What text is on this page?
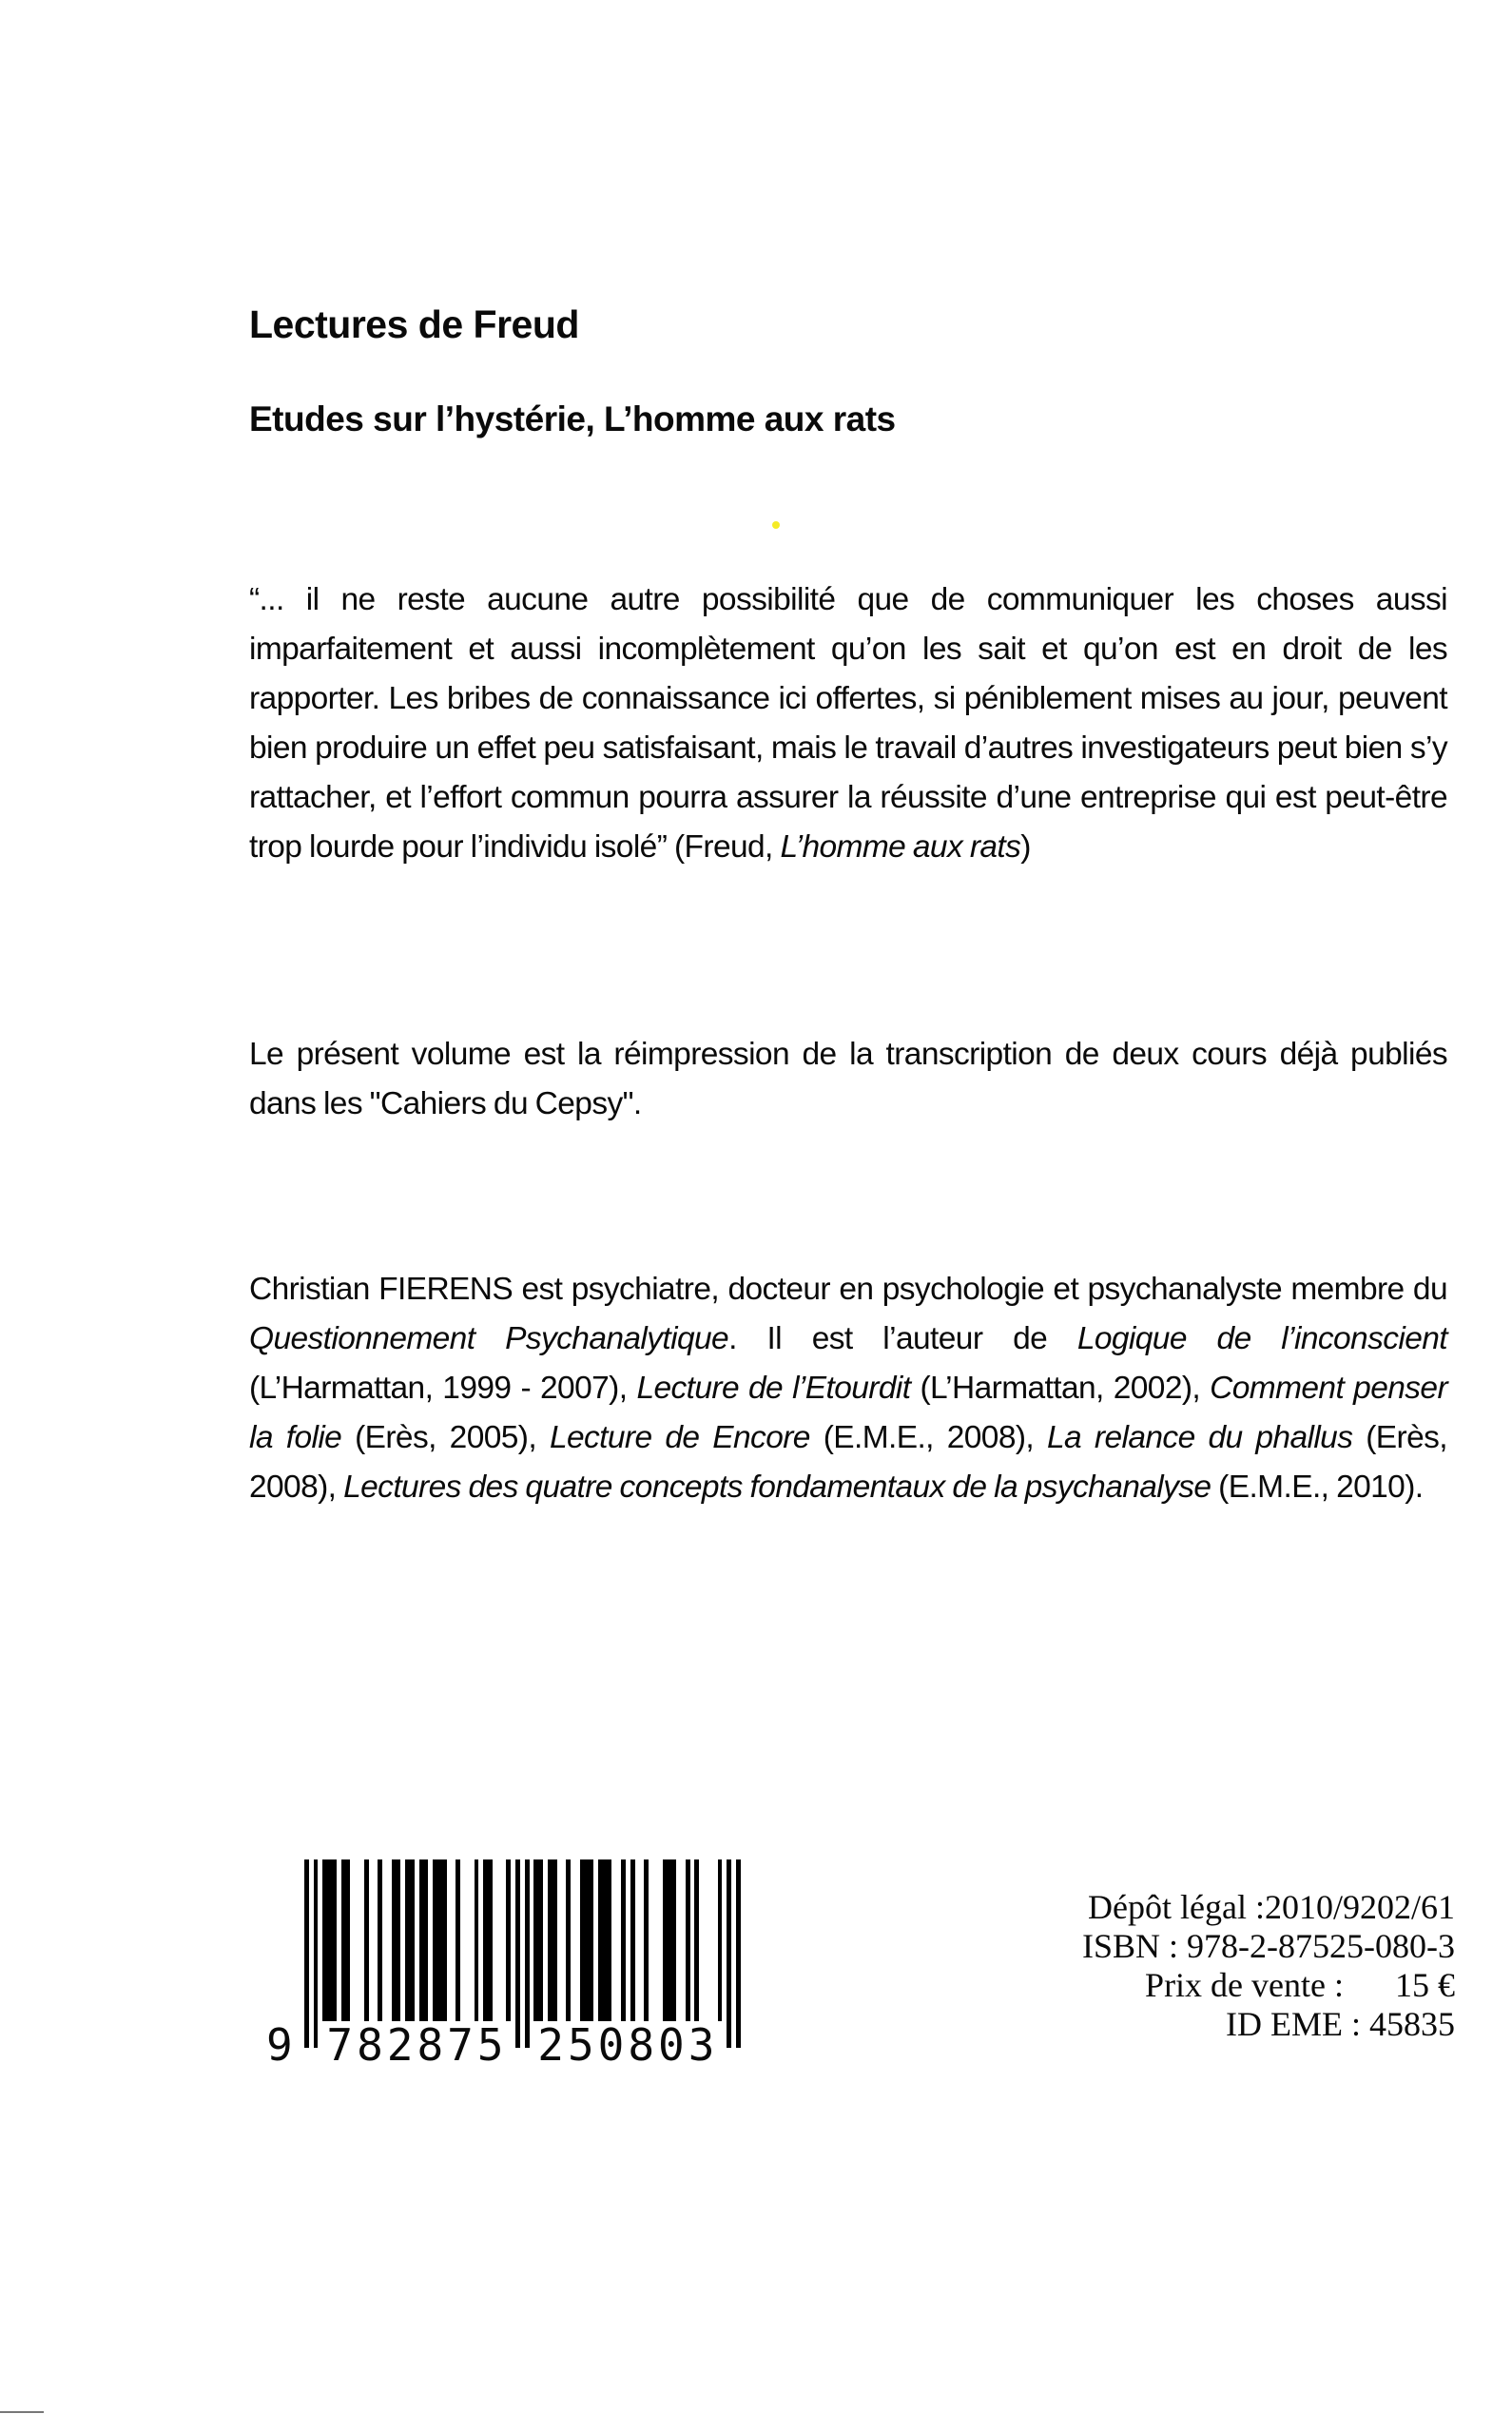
Lectures de Freud
Etudes sur l’hystérie, L’homme aux rats
“... il ne reste aucune autre possibilité que de communiquer les choses aussi imparfaitement et aussi incomplètement qu’on les sait et qu’on est en droit de les rapporter. Les bribes de connaissance ici offertes, si péniblement mises au jour, peuvent bien produire un effet peu satisfaisant, mais le travail d’autres investigateurs peut bien s’y rattacher, et l’effort commun pourra assurer la réussite d’une entreprise qui est peut-être trop lourde pour l’individu isolé” (Freud, L’homme aux rats)
Le présent volume est la réimpression de la transcription de deux cours déjà publiés dans les "Cahiers du Cepsy".
Christian FIERENS est psychiatre, docteur en psychologie et psychanalyste membre du Questionnement Psychanalytique. Il est l’auteur de Logique de l’inconscient (L’Harmattan, 1999 - 2007), Lecture de l’Etourdit (L’Harmattan, 2002), Comment penser la folie (Erès, 2005), Lecture de Encore (E.M.E., 2008), La relance du phallus (Erès, 2008), Lectures des quatre concepts fondamentaux de la psychanalyse (E.M.E., 2010).
9 782875 250803
Dépôt légal :2010/9202/61
ISBN : 978-2-87525-080-3
Prix de vente : 15 €
ID EME : 45835
